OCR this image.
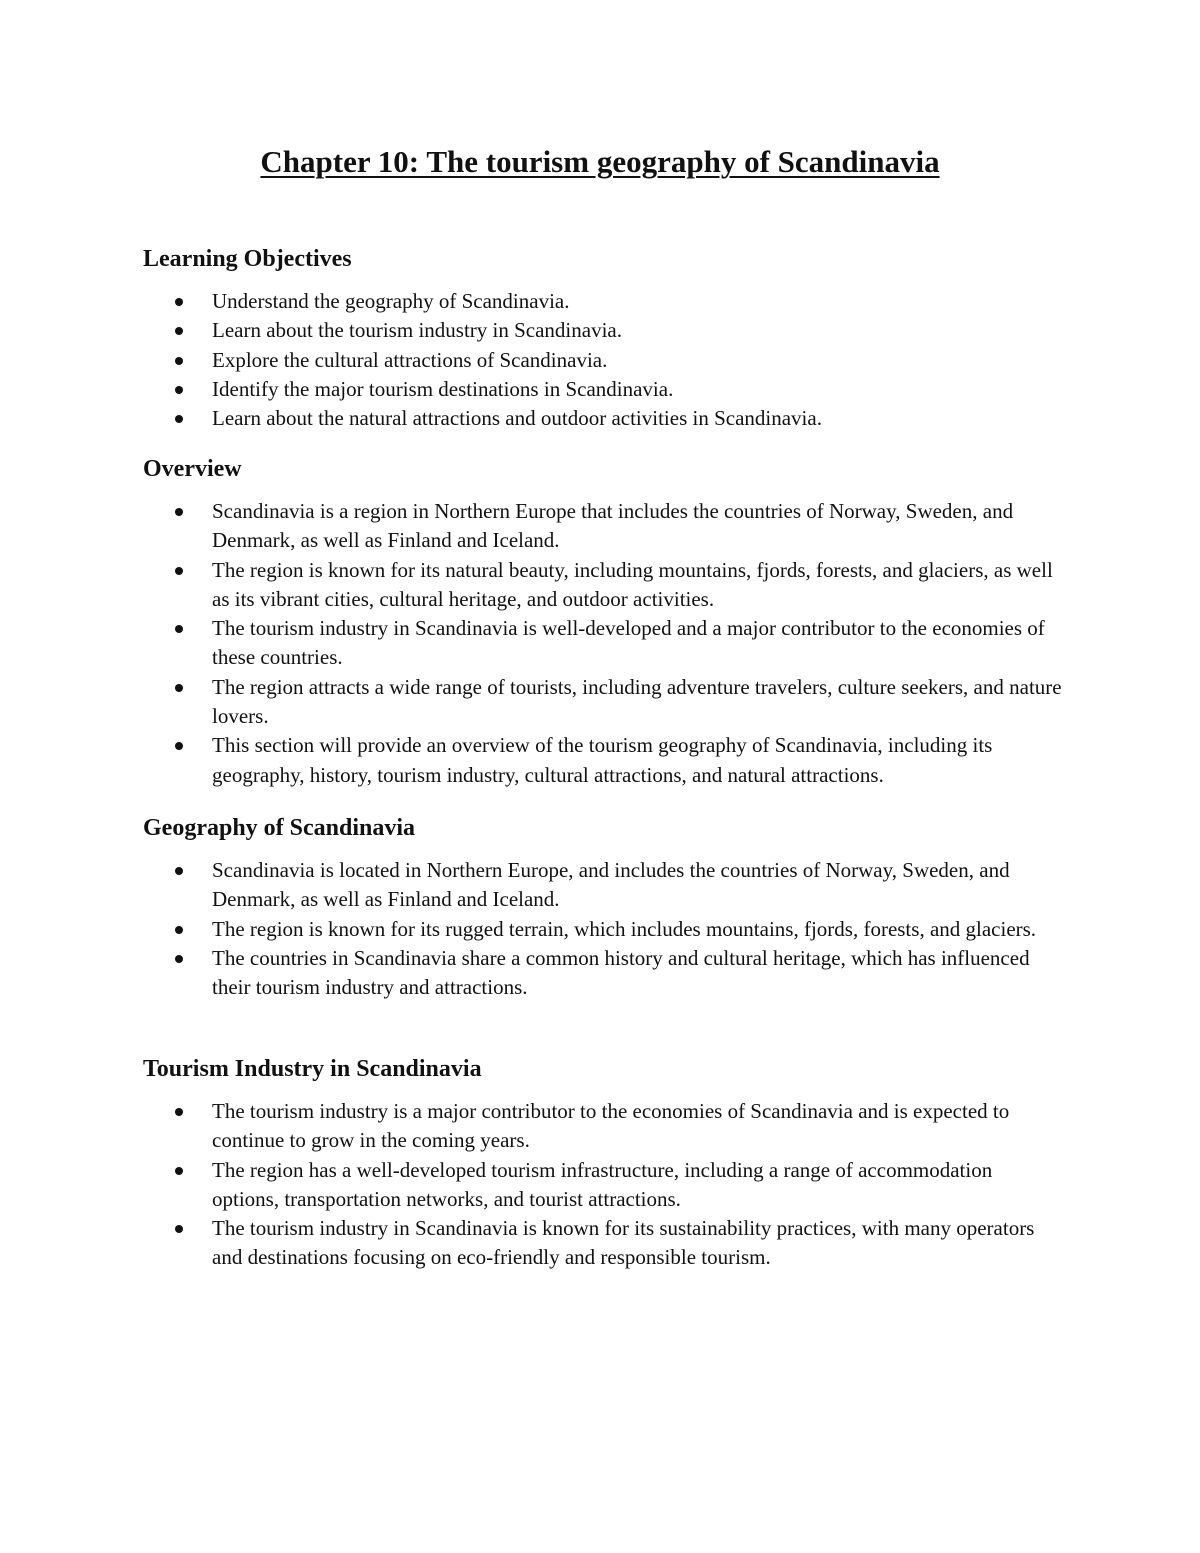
Chapter 10: The tourism geography of Scandinavia
Learning Objectives
Understand the geography of Scandinavia.
Learn about the tourism industry in Scandinavia.
Explore the cultural attractions of Scandinavia.
Identify the major tourism destinations in Scandinavia.
Learn about the natural attractions and outdoor activities in Scandinavia.
Overview
Scandinavia is a region in Northern Europe that includes the countries of Norway, Sweden, and Denmark, as well as Finland and Iceland.
The region is known for its natural beauty, including mountains, fjords, forests, and glaciers, as well as its vibrant cities, cultural heritage, and outdoor activities.
The tourism industry in Scandinavia is well-developed and a major contributor to the economies of these countries.
The region attracts a wide range of tourists, including adventure travelers, culture seekers, and nature lovers.
This section will provide an overview of the tourism geography of Scandinavia, including its geography, history, tourism industry, cultural attractions, and natural attractions.
Geography of Scandinavia
Scandinavia is located in Northern Europe, and includes the countries of Norway, Sweden, and Denmark, as well as Finland and Iceland.
The region is known for its rugged terrain, which includes mountains, fjords, forests, and glaciers.
The countries in Scandinavia share a common history and cultural heritage, which has influenced their tourism industry and attractions.
Tourism Industry in Scandinavia
The tourism industry is a major contributor to the economies of Scandinavia and is expected to continue to grow in the coming years.
The region has a well-developed tourism infrastructure, including a range of accommodation options, transportation networks, and tourist attractions.
The tourism industry in Scandinavia is known for its sustainability practices, with many operators and destinations focusing on eco-friendly and responsible tourism.
